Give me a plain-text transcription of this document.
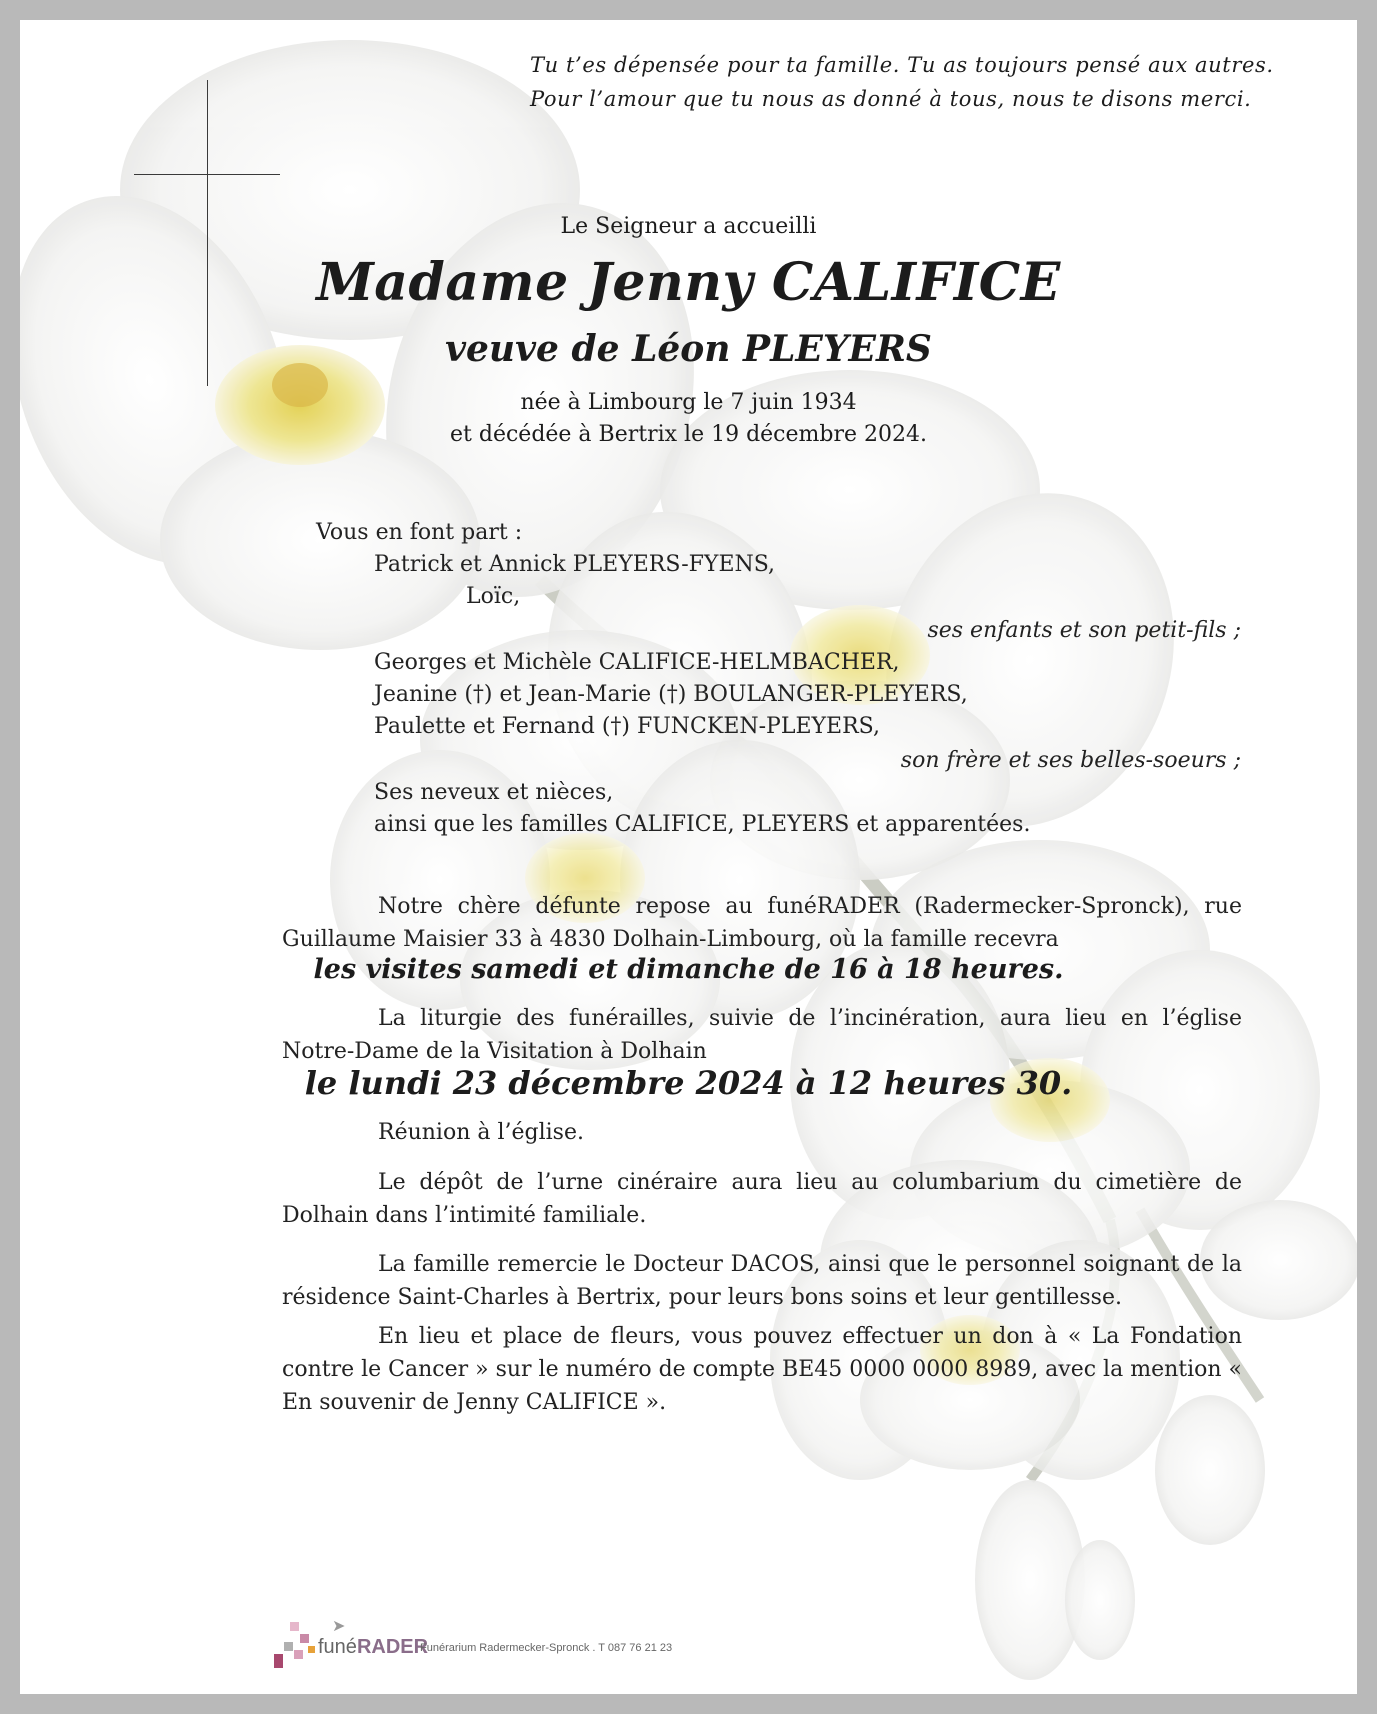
Tu t’es dépensée pour ta famille. Tu as toujours pensé aux autres.
Pour l’amour que tu nous as donné à tous, nous te disons merci.
Le Seigneur a accueilli
Madame Jenny CALIFICE
veuve de Léon PLEYERS
née à Limbourg le 7 juin 1934
et décédée à Bertrix le 19 décembre 2024.
Vous en font part :
Patrick et Annick PLEYERS-FYENS,
Loïc,
ses enfants et son petit-fils ;
Georges et Michèle CALIFICE-HELMBACHER,
Jeanine (†) et Jean-Marie (†) BOULANGER-PLEYERS,
Paulette et Fernand (†) FUNCKEN-PLEYERS,
son frère et ses belles-soeurs ;
Ses neveux et nièces,
ainsi que les familles CALIFICE, PLEYERS et apparentées.
Notre chère défunte repose au funéRADER (Radermecker-Spronck), rue Guillaume Maisier 33 à 4830 Dolhain-Limbourg, où la famille recevra
les visites samedi et dimanche de 16 à 18 heures.
La liturgie des funérailles, suivie de l’incinération, aura lieu en l’église Notre-Dame de la Visitation à Dolhain
le lundi 23 décembre 2024 à 12 heures 30.
Réunion à l’église.
Le dépôt de l’urne cinéraire aura lieu au columbarium du cimetière de Dolhain dans l’intimité familiale.
La famille remercie le Docteur DACOS, ainsi que le personnel soignant de la résidence Saint-Charles à Bertrix, pour leurs bons soins et leur gentillesse.
En lieu et place de fleurs, vous pouvez effectuer un don à « La Fondation contre le Cancer » sur le numéro de compte BE45 0000 0000 8989, avec la mention « En souvenir de Jenny CALIFICE ».
➤
funéRADER
Funérarium Radermecker-Spronck . T 087 76 21 23
